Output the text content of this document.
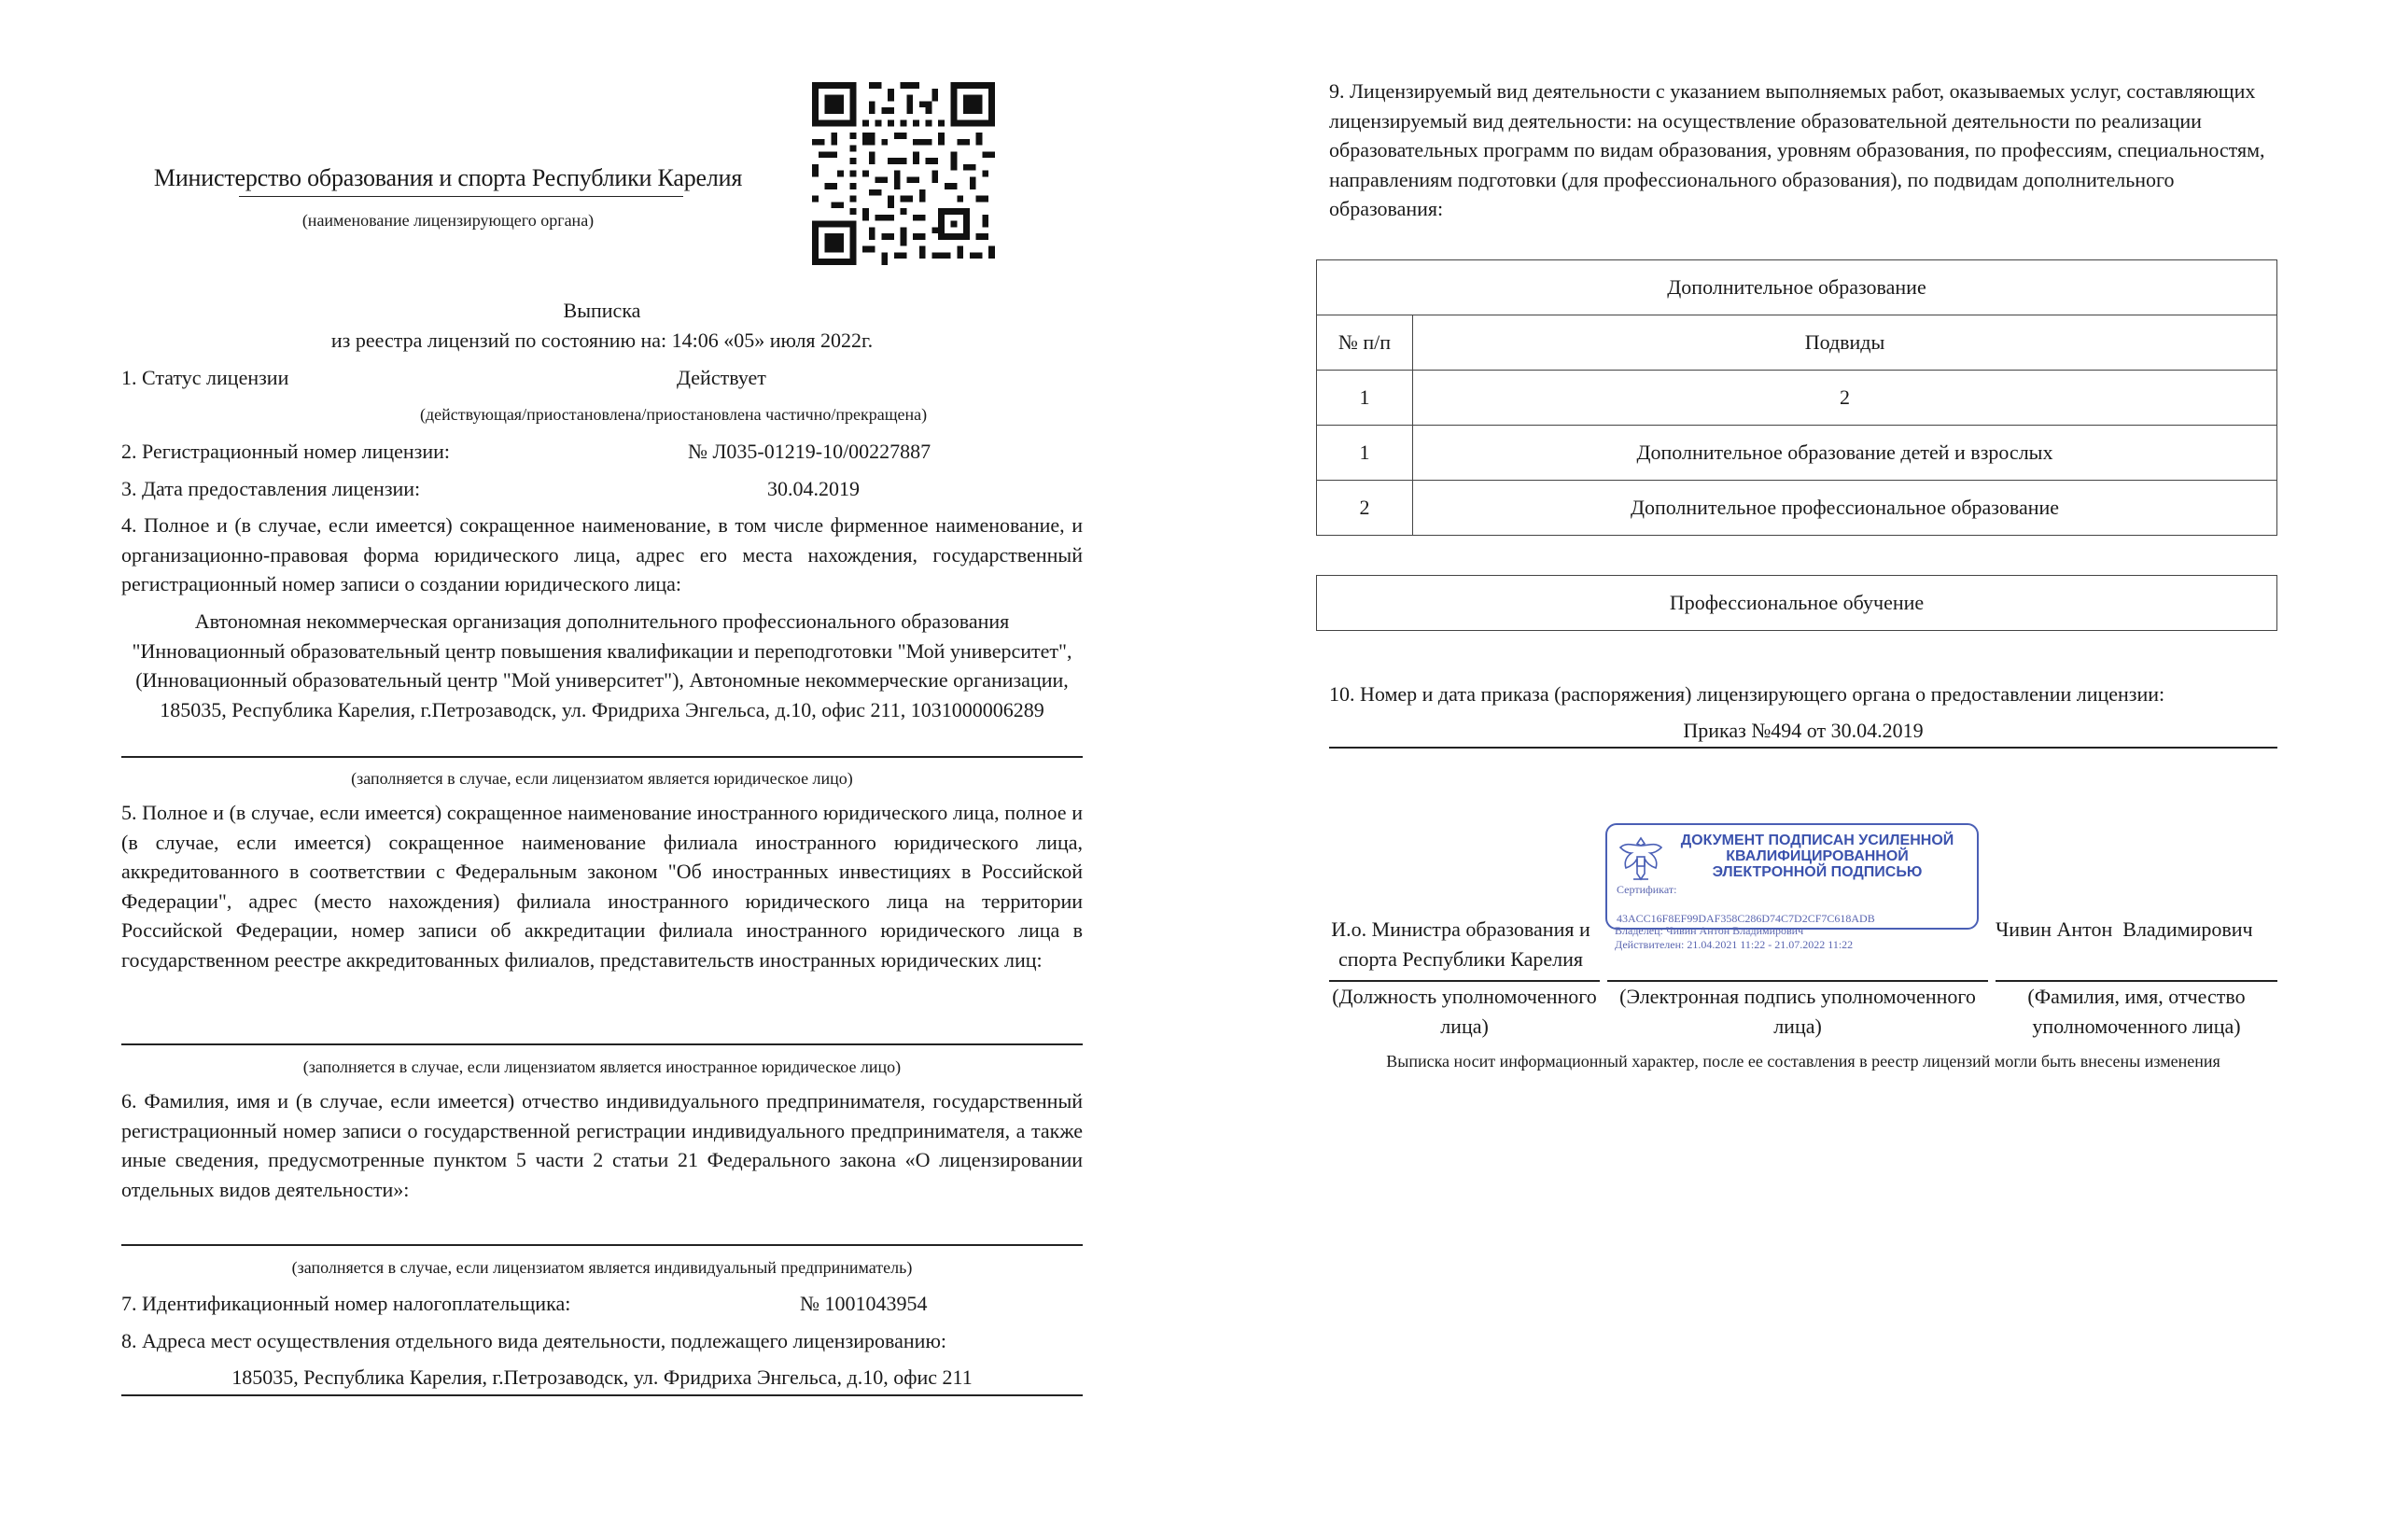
Министерство образования и спорта Республики Карелия
(наименование лицензирующего органа)
Выписка
из реестра лицензий по состоянию на: 14:06 «05» июля 2022г.
1. Статус лицензии	Действует
(действующая/приостановлена/приостановлена частично/прекращена)
2. Регистрационный номер лицензии:	№ Л035-01219-10/00227887
3. Дата предоставления лицензии:	30.04.2019
4. Полное и (в случае, если имеется) сокращенное наименование, в том числе фирменное наименование, и организационно-правовая форма юридического лица, адрес его места нахождения, государственный регистрационный номер записи о создании юридического лица:
Автономная некоммерческая организация дополнительного профессионального образования "Инновационный образовательный центр повышения квалификации и переподготовки "Мой университет", (Инновационный образовательный центр "Мой университет"), Автономные некоммерческие организации, 185035, Республика Карелия, г.Петрозаводск, ул. Фридриха Энгельса, д.10, офис 211, 1031000006289
(заполняется в случае, если лицензиатом является юридическое лицо)
5. Полное и (в случае, если имеется) сокращенное наименование иностранного юридического лица, полное и (в случае, если имеется) сокращенное наименование филиала иностранного юридического лица, аккредитованного в соответствии с Федеральным законом "Об иностранных инвестициях в Российской Федерации", адрес (место нахождения) филиала иностранного юридического лица на территории Российской Федерации, номер записи об аккредитации филиала иностранного юридического лица в государственном реестре аккредитованных филиалов, представительств иностранных юридических лиц:
(заполняется в случае, если лицензиатом является иностранное юридическое лицо)
6. Фамилия, имя и (в случае, если имеется) отчество индивидуального предпринимателя, государственный регистрационный номер записи о государственной регистрации индивидуального предпринимателя, а также иные сведения, предусмотренные пунктом 5 части 2 статьи 21 Федерального закона «О лицензировании отдельных видов деятельности»:
(заполняется в случае, если лицензиатом является индивидуальный предприниматель)
7. Идентификационный номер налогоплательщика:	№ 1001043954
8. Адреса мест осуществления отдельного вида деятельности, подлежащего лицензированию:
185035, Республика Карелия, г.Петрозаводск, ул. Фридриха Энгельса, д.10, офис 211
9. Лицензируемый вид деятельности с указанием выполняемых работ, оказываемых услуг, составляющих лицензируемый вид деятельности: на осуществление образовательной деятельности по реализации образовательных программ по видам образования, уровням образования, по профессиям, специальностям, направлениям подготовки (для профессионального образования), по подвидам дополнительного образования:
Дополнительное образование	
№ п/п	Подвиды
1	2
1	Дополнительное образование детей и взрослых
2	Дополнительное профессиональное образование
Профессиональное обучение
10. Номер и дата приказа (распоряжения) лицензирующего органа о предоставлении лицензии:
Приказ №494 от 30.04.2019
ДОКУМЕНТ ПОДПИСАН УСИЛЕННОЙ КВАЛИФИЦИРОВАННОЙ ЭЛЕКТРОННОЙ ПОДПИСЬЮ
Сертификат:
43ACC16F8EF99DAF358C286D74C7D2CF7C618ADB
Владелец: Чивин Антон Владимирович
Действителен: 21.04.2021 11:22 - 21.07.2022 11:22
И.о. Министра образования и спорта Республики Карелия
Чивин Антон  Владимирович
(Должность уполномоченного лица)
(Электронная подпись уполномоченного лица)
(Фамилия, имя, отчество уполномоченного лица)
Выписка носит информационный характер, после ее составления в реестр лицензий могли быть внесены изменения
